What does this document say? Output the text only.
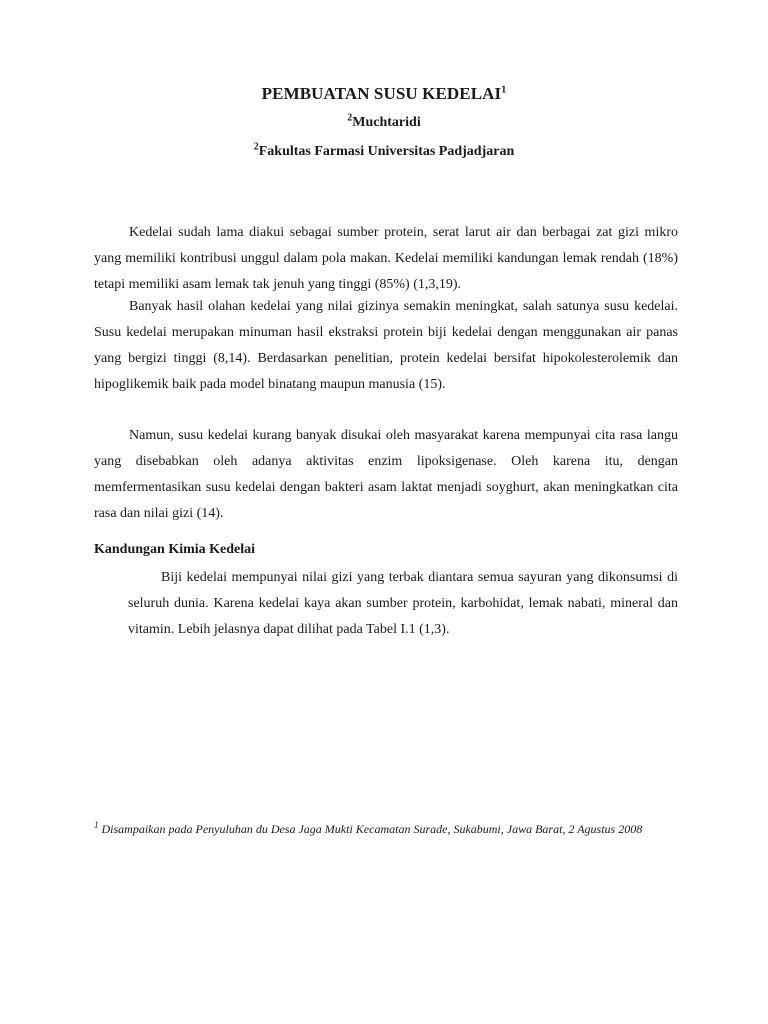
PEMBUATAN SUSU KEDELAI$^1$
$^2$Muchtaridi
$^2$Fakultas Farmasi Universitas Padjadjaran

Kedelai sudah lama diakui sebagai sumber protein, serat larut air dan berbagai zat gizi mikro yang memiliki kontribusi unggul dalam pola makan. Kedelai memiliki kandungan lemak rendah (18%) tetapi memiliki asam lemak tak jenuh yang tinggi (85%) (1,3,19).

Banyak hasil olahan kedelai yang nilai gizinya semakin meningkat, salah satunya susu kedelai. Susu kedelai merupakan minuman hasil ekstraksi protein biji kedelai dengan menggunakan air panas yang bergizi tinggi (8,14). Berdasarkan penelitian, protein kedelai bersifat hipokolesterolemik dan hipoglikemik baik pada model binatang maupun manusia (15).

Namun, susu kedelai kurang banyak disukai oleh masyarakat karena mempunyai cita rasa langu yang disebabkan oleh adanya aktivitas enzim lipoksigenase. Oleh karena itu, dengan memfermentasikan susu kedelai dengan bakteri asam laktat menjadi soyghurt, akan meningkatkan cita rasa dan nilai gizi (14).

Kandungan Kimia Kedelai

Biji kedelai mempunyai nilai gizi yang terbak diantara semua sayuran yang dikonsumsi di seluruh dunia. Karena kedelai kaya akan sumber protein, karbohidat, lemak nabati, mineral dan vitamin. Lebih jelasnya dapat dilihat pada Tabel I.1 (1,3).

$^1$ Disampaikan pada Penyuluhan du Desa Jaga Mukti Kecamatan Surade, Sukabumi, Jawa Barat, 2 Agustus 2008
